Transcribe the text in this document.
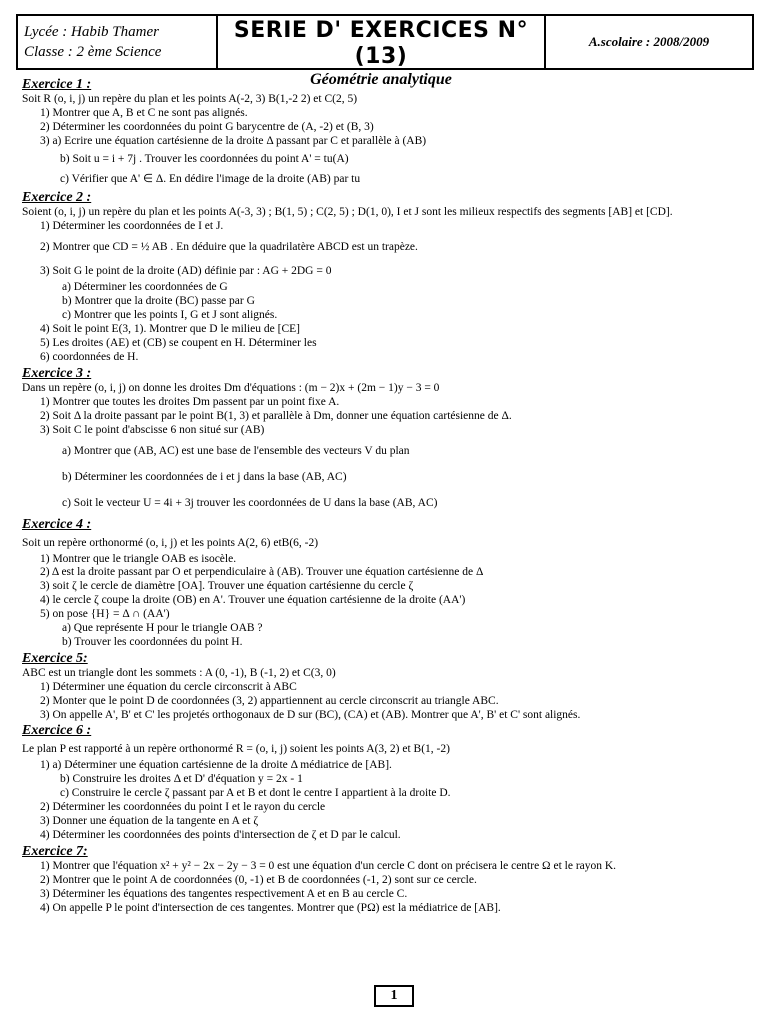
Lycée : Habib Thamer
Classe : 2 ème Science
SERIE D' EXERCICES N°(13)
Géométrie analytique
A.scolaire : 2008/2009
Exercice 1 :
Soit R (o, i, j) un repère du plan et les points A(-2, 3) B(1,-2 2) et C(2, 5)
1) Montrer que A, B et C ne sont pas alignés.
2) Déterminer les coordonnées du point G barycentre de (A, -2) et (B, 3)
3) a) Ecrire une équation cartésienne de la droite Δ passant par C et parallèle à (AB)
b) Soit u = i + 7j . Trouver les coordonnées du point A' = tu(A)
c) Vérifier que A' ∈ Δ. En dédire l'image de la droite (AB) par tu
Exercice 2 :
Soient (o, i, j) un repère du plan et les points A(-3, 3) ; B(1, 5) ; C(2, 5) ; D(1, 0), I et J sont les milieux respectifs des segments [AB] et [CD].
1) Déterminer les coordonnées de I et J.
2) Montrer que CD = ½ AB . En déduire que la quadrilatère ABCD est un trapèze.
3) Soit G le point de la droite (AD) définie par : AG + 2DG = 0
a) Déterminer les coordonnées de G
b) Montrer que la droite (BC) passe par G
c) Montrer que les points I, G et J sont alignés.
4) Soit le point E(3, 1). Montrer que D le milieu de [CE]
5) Les droites (AE) et (CB) se coupent en H. Déterminer les
6) coordonnées de H.
Exercice 3 :
Dans un repère (o, i, j) on donne les droites Dm d'équations : (m − 2)x + (2m − 1)y − 3 = 0
1) Montrer que toutes les droites Dm passent par un point fixe A.
2) Soit Δ la droite passant par le point B(1, 3) et parallèle à Dm, donner une équation cartésienne de Δ.
3) Soit C le point d'abscisse 6 non situé sur (AB)
a) Montrer que (AB, AC) est une base de l'ensemble des vecteurs V du plan
b) Déterminer les coordonnées de i et j dans la base (AB, AC)
c) Soit le vecteur U = 4i + 3j trouver les coordonnées de U dans la base (AB, AC)
Exercice 4 :
Soit un repère orthonormé (o, i, j) et les points A(2, 6) etB(6, -2)
1) Montrer que le triangle OAB es isocèle.
2) Δ est la droite passant par O et perpendiculaire à (AB). Trouver une équation cartésienne de Δ
3) soit ζ le cercle de diamètre [OA]. Trouver une équation cartésienne du cercle ζ
4) le cercle ζ coupe la droite (OB) en A'. Trouver une équation cartésienne de la droite (AA')
5) on pose {H} = Δ ∩ (AA')
a) Que représente H pour le triangle OAB ?
b) Trouver les coordonnées du point H.
Exercice 5:
ABC est un triangle dont les sommets : A (0, -1), B (-1, 2) et C(3, 0)
1) Déterminer une équation du cercle circonscrit à ABC
2) Monter que le point D de coordonnées (3, 2) appartiennent au cercle circonscrit au triangle ABC.
3) On appelle A', B' et C' les projetés orthogonaux de D sur (BC), (CA) et (AB). Montrer que A', B' et C' sont alignés.
Exercice 6 :
Le plan P est rapporté à un repère orthonormé R = (o, i, j) soient les points A(3, 2) et B(1, -2)
1) a) Déterminer une équation cartésienne de la droite Δ médiatrice de [AB].
b) Construire les droites Δ et D' d'équation y = 2x - 1
c) Construire le cercle ζ passant par A et B et dont le centre I appartient à la droite D.
2) Déterminer les coordonnées du point I et le rayon du cercle
3) Donner une équation de la tangente en A et ζ
4) Déterminer les coordonnées des points d'intersection de ζ et D par le calcul.
Exercice 7:
1) Montrer que l'équation x² + y² − 2x − 2y − 3 = 0 est une équation d'un cercle C dont on précisera le centre Ω et le rayon K.
2) Montrer que le point A de coordonnées (0, -1) et B de coordonnées (-1, 2) sont sur ce cercle.
3) Déterminer les équations des tangentes respectivement A et en B au cercle C.
4) On appelle P le point d'intersection de ces tangentes. Montrer que (PΩ) est la médiatrice de [AB].
1
